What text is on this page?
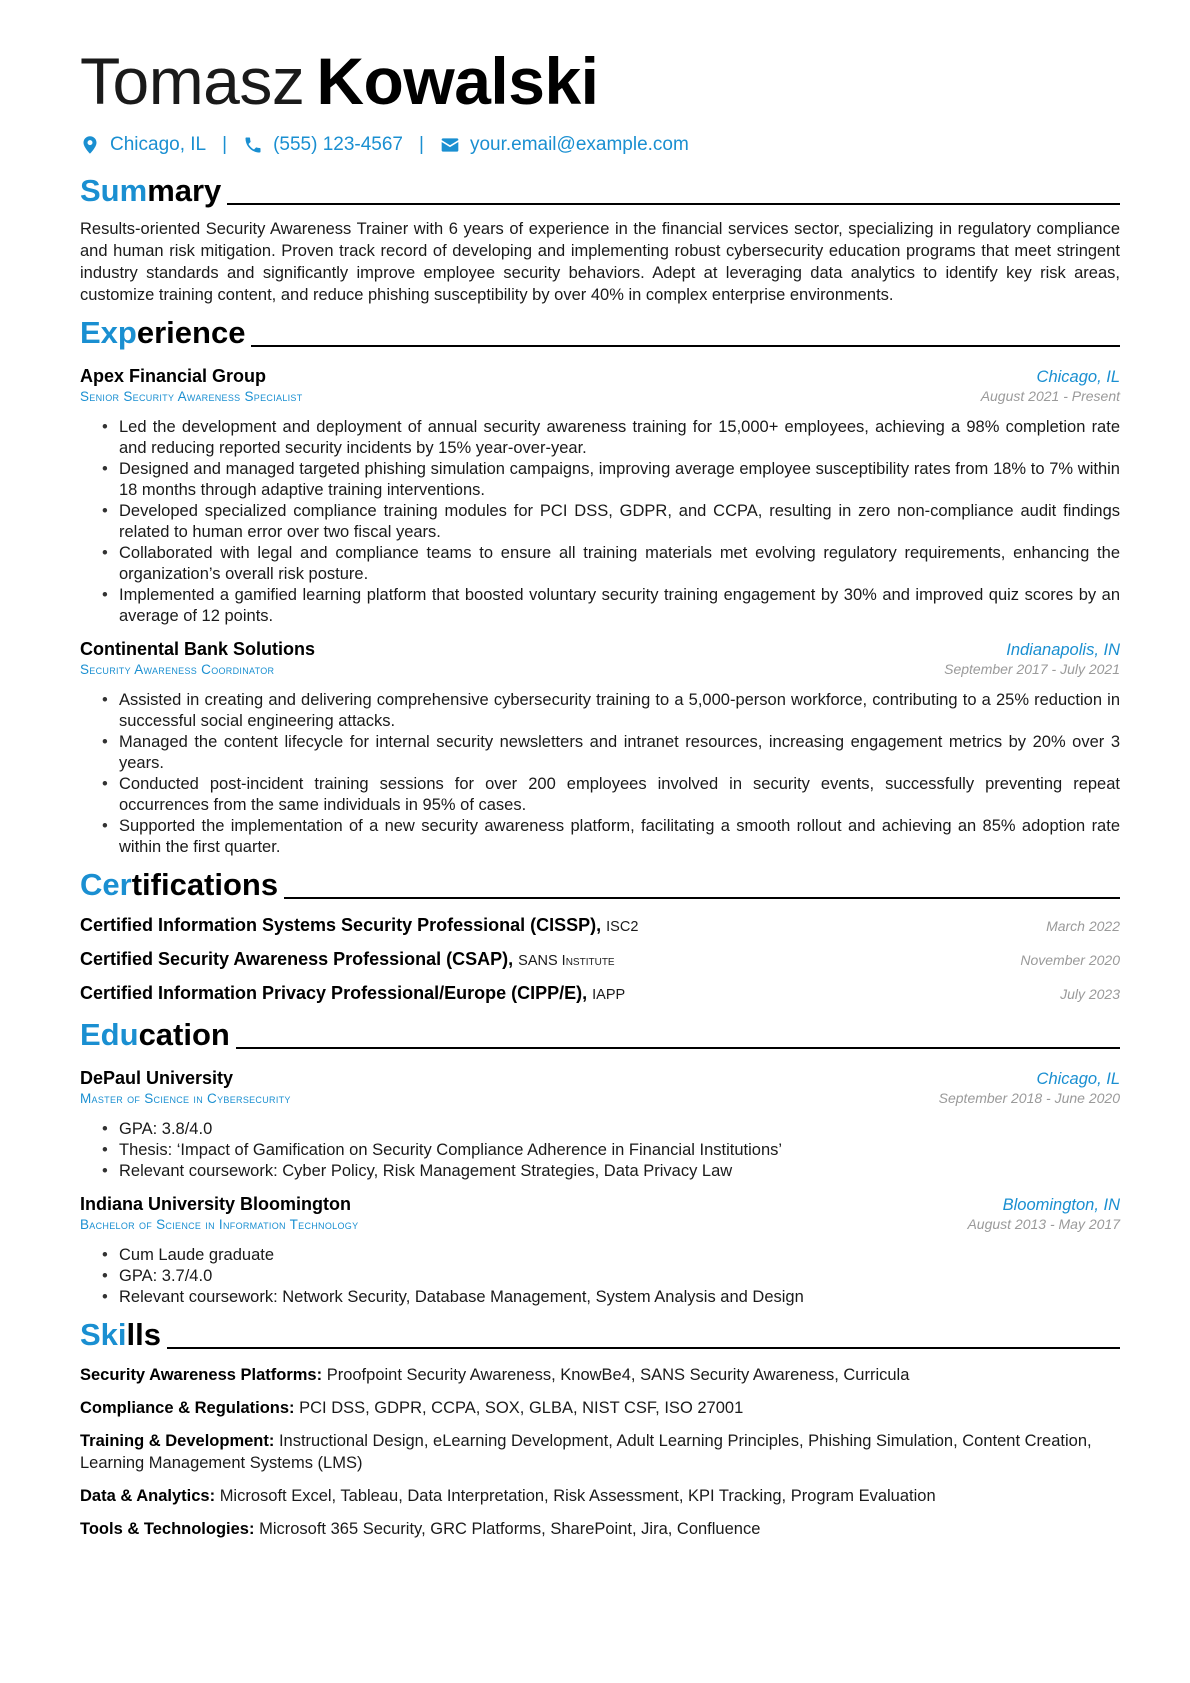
Tomasz Kowalski
Chicago, IL | (555) 123-4567 | your.email@example.com
Summary

Results-oriented Security Awareness Trainer with 6 years of experience in the financial services sector, specializing in regulatory compliance and human risk mitigation. Proven track record of developing and implementing robust cybersecurity education programs that meet stringent industry standards and significantly improve employee security behaviors. Adept at leveraging data analytics to identify key risk areas, customize training content, and reduce phishing susceptibility by over 40% in complex enterprise environments.

Experience
Apex Financial Group	Chicago, IL
Senior Security Awareness Specialist	August 2021 - Present
• Led the development and deployment of annual security awareness training for 15,000+ employees, achieving a 98% completion rate and reducing reported security incidents by 15% year-over-year.
• Designed and managed targeted phishing simulation campaigns, improving average employee susceptibility rates from 18% to 7% within 18 months through adaptive training interventions.
• Developed specialized compliance training modules for PCI DSS, GDPR, and CCPA, resulting in zero non-compliance audit findings related to human error over two fiscal years.
• Collaborated with legal and compliance teams to ensure all training materials met evolving regulatory requirements, enhancing the organization’s overall risk posture.
• Implemented a gamified learning platform that boosted voluntary security training engagement by 30% and improved quiz scores by an average of 12 points.
Continental Bank Solutions	Indianapolis, IN
Security Awareness Coordinator	September 2017 - July 2021
• Assisted in creating and delivering comprehensive cybersecurity training to a 5,000-person workforce, contributing to a 25% reduction in successful social engineering attacks.
• Managed the content lifecycle for internal security newsletters and intranet resources, increasing engagement metrics by 20% over 3 years.
• Conducted post-incident training sessions for over 200 employees involved in security events, successfully preventing repeat occurrences from the same individuals in 95% of cases.
• Supported the implementation of a new security awareness platform, facilitating a smooth rollout and achieving an 85% adoption rate within the first quarter.
Certifications
Certified Information Systems Security Professional (CISSP), ISC2	March 2022
Certified Security Awareness Professional (CSAP), SANS Institute	November 2020
Certified Information Privacy Professional/Europe (CIPP/E), IAPP	July 2023
Education
DePaul University	Chicago, IL
Master of Science in Cybersecurity	September 2018 - June 2020
• GPA: 3.8/4.0
• Thesis: ‘Impact of Gamification on Security Compliance Adherence in Financial Institutions’
• Relevant coursework: Cyber Policy, Risk Management Strategies, Data Privacy Law
Indiana University Bloomington	Bloomington, IN
Bachelor of Science in Information Technology	August 2013 - May 2017
• Cum Laude graduate
• GPA: 3.7/4.0
• Relevant coursework: Network Security, Database Management, System Analysis and Design
Skills

Security Awareness Platforms: Proofpoint Security Awareness, KnowBe4, SANS Security Awareness, Curricula

Compliance & Regulations: PCI DSS, GDPR, CCPA, SOX, GLBA, NIST CSF, ISO 27001

Training & Development: Instructional Design, eLearning Development, Adult Learning Principles, Phishing Simulation, Content Creation, Learning Management Systems (LMS)

Data & Analytics: Microsoft Excel, Tableau, Data Interpretation, Risk Assessment, KPI Tracking, Program Evaluation

Tools & Technologies: Microsoft 365 Security, GRC Platforms, SharePoint, Jira, Confluence
